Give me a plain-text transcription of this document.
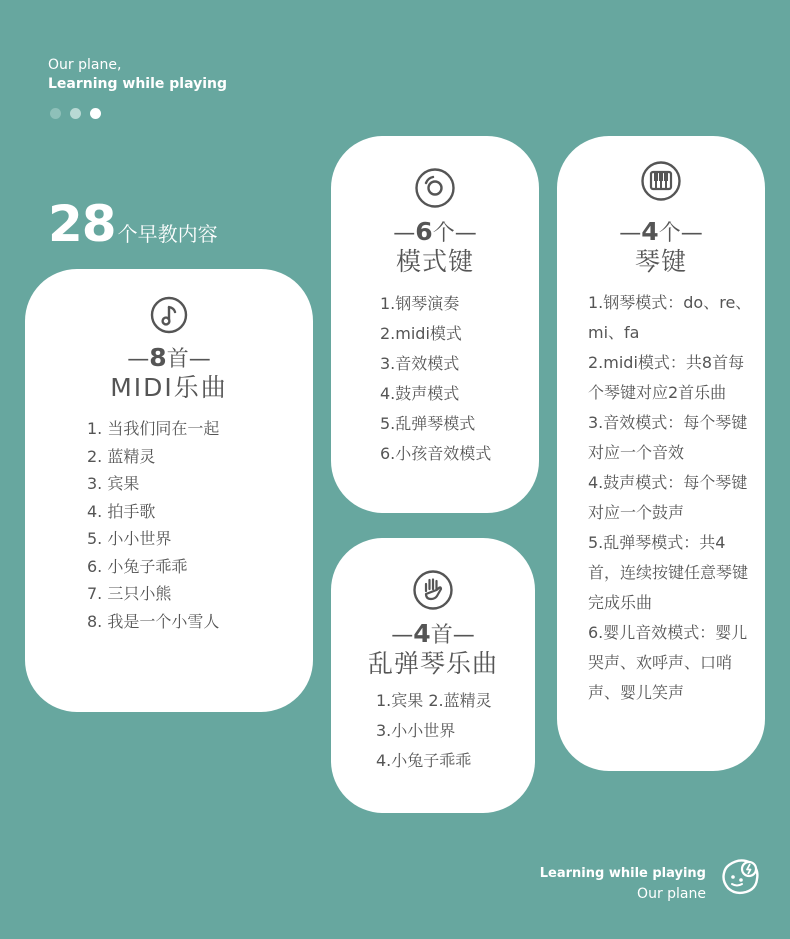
Our plane,
Learning while playing
28 个早教内容
—8首—
MIDI乐曲
1. 当我们同在一起
2. 蓝精灵
3. 宾果
4. 拍手歌
5. 小小世界
6. 小兔子乖乖
7. 三只小熊
8. 我是一个小雪人
—6个—
模式键
1.钢琴演奏
2.midi模式
3.音效模式
4.鼓声模式
5.乱弹琴模式
6.小孩音效模式
—4首—
乱弹琴乐曲
1.宾果 2.蓝精灵
3.小小世界
4.小兔子乖乖
—4个—
琴键
1.钢琴模式：do、re、mi、fa
2.midi模式：共8首每个琴键对应2首乐曲
3.音效模式：每个琴键对应一个音效
4.鼓声模式：每个琴键对应一个鼓声
5.乱弹琴模式：共4首，连续按键任意琴键完成乐曲
6.婴儿音效模式：婴儿哭声、欢呼声、口哨声、婴儿笑声
Learning while playing
Our plane
